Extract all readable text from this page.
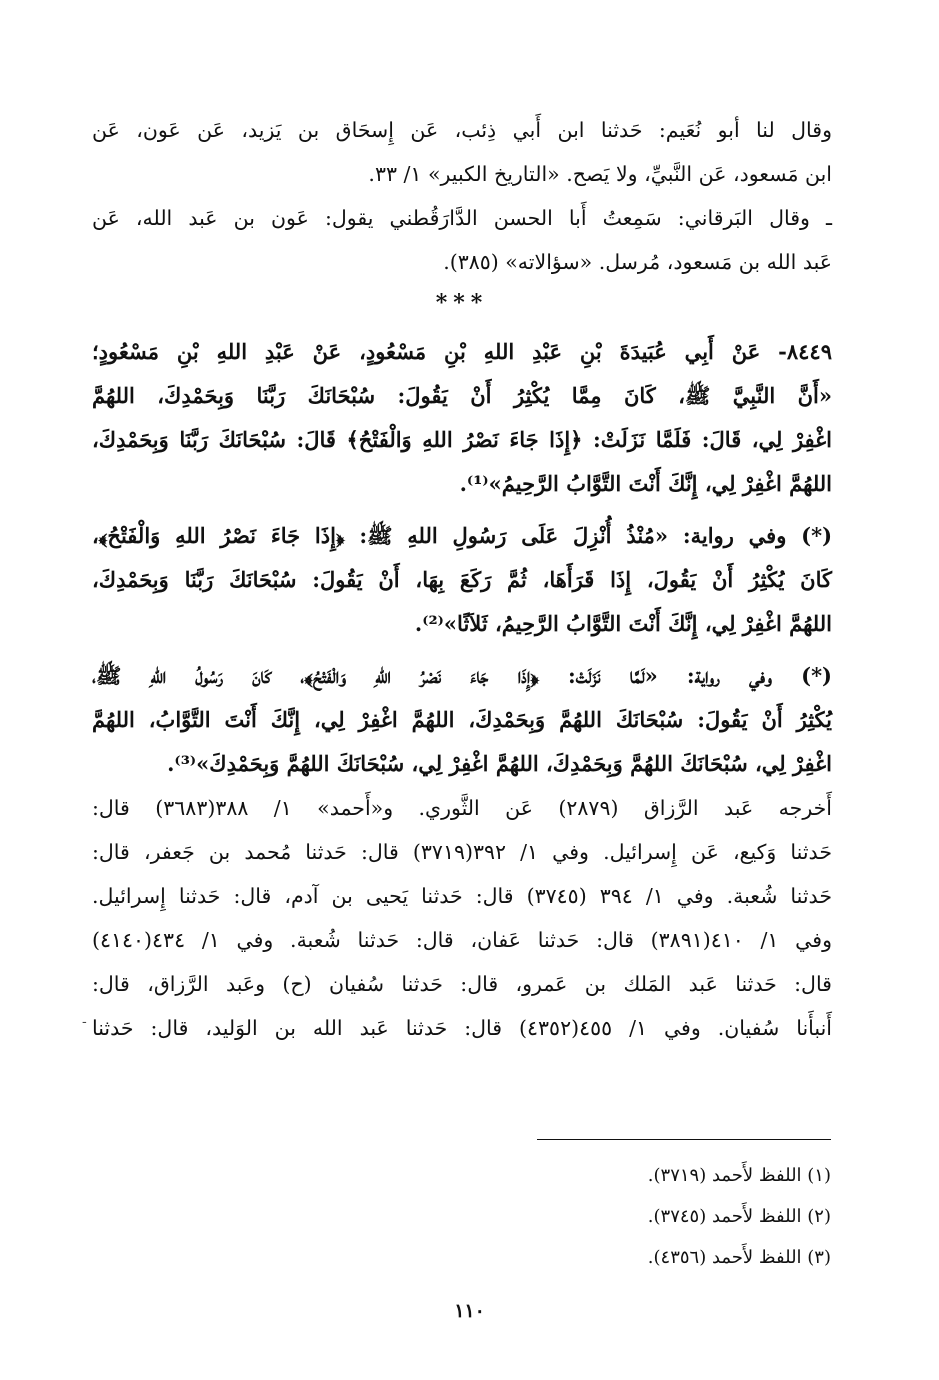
وقال لنا أبو نُعَيم: حَدثنا ابن أَبي ذِئب، عَن إِسحَاق بن يَزيد، عَن عَون، عَن
ابن مَسعود، عَن النَّبيِّ، ولا يَصح. «التاريخ الكبير» ١/ ٣٣.
ـ وقال البَرقاني: سَمِعتُ أَبا الحسن الدَّارَقُطني يقول: عَون بن عَبد الله، عَن
عَبد الله بن مَسعود، مُرسل. «سؤالاته» (٣٨٥).
***
٨٤٤٩- عَنْ أَبِي عُبَيدَةَ بْنِ عَبْدِ اللهِ بْنِ مَسْعُودٍ، عَنْ عَبْدِ اللهِ بْنِ مَسْعُودٍ؛
«أَنَّ النَّبِيَّ ﷺ، كَانَ مِمَّا يُكْثِرُ أَنْ يَقُولَ: سُبْحَانَكَ رَبَّنَا وَبِحَمْدِكَ، اللهُمَّ
اغْفِرْ لِي، قَالَ: فَلَمَّا نَزَلَتْ: ﴿إِذَا جَاءَ نَصْرُ اللهِ وَالْفَتْحُ﴾ قَالَ: سُبْحَانَكَ رَبَّنَا وَبِحَمْدِكَ،
اللهُمَّ اغْفِرْ لِي، إِنَّكَ أَنْتَ التَّوَّابُ الرَّحِيمُ»⁽¹⁾.
(*) وفي رواية: «مُنْذُ أُنْزِلَ عَلَى رَسُولِ اللهِ ﷺ: ﴿إِذَا جَاءَ نَصْرُ اللهِ وَالْفَتْحُ﴾،
كَانَ يُكْثِرُ أَنْ يَقُولَ، إِذَا قَرَأَهَا، ثُمَّ رَكَعَ بِهَا، أَنْ يَقُولَ: سُبْحَانَكَ رَبَّنَا وَبِحَمْدِكَ،
اللهُمَّ اغْفِرْ لِي، إِنَّكَ أَنْتَ التَّوَّابُ الرَّحِيمُ، ثَلاَثًا»⁽²⁾.
(*) وفي رواية: «لَمَّا نَزَلَتْ: ﴿إِذَا جَاءَ نَصْرُ اللهِ وَالْفَتْحُ﴾، كَانَ رَسُولُ اللهِ ﷺ،
يُكْثِرُ أَنْ يَقُولَ: سُبْحَانَكَ اللهُمَّ وَبِحَمْدِكَ، اللهُمَّ اغْفِرْ لِي، إِنَّكَ أَنْتَ التَّوَّابُ، اللهُمَّ
اغْفِرْ لِي، سُبْحَانَكَ اللهُمَّ وَبِحَمْدِكَ، اللهُمَّ اغْفِرْ لِي، سُبْحَانَكَ اللهُمَّ وَبِحَمْدِكَ»⁽³⁾.
أَخرجه عَبد الرَّزاق (٢٨٧٩) عَن الثَّوري. و«أَحمد» ١/ ٣٨٨(٣٦٨٣) قال:
حَدثنا وَكيع، عَن إِسرائيل. وفي ١/ ٣٩٢(٣٧١٩) قال: حَدثنا مُحمد بن جَعفر، قال:
حَدثنا شُعبة. وفي ١/ ٣٩٤ (٣٧٤٥) قال: حَدثنا يَحيى بن آدم، قال: حَدثنا إِسرائيل.
وفي ١/ ٤١٠(٣٨٩١) قال: حَدثنا عَفان، قال: حَدثنا شُعبة. وفي ١/ ٤٣٤(٤١٤٠)
قال: حَدثنا عَبد المَلك بن عَمرو، قال: حَدثنا سُفيان (ح) وعَبد الرَّزاق، قال:
أَنبأَنا سُفيان. وفي ١/ ٤٥٥(٤٣٥٢) قال: حَدثنا عَبد الله بن الوَليد، قال: حَدثنا
-
(١) اللفظ لأَحمد (٣٧١٩).
(٢) اللفظ لأَحمد (٣٧٤٥).
(٣) اللفظ لأَحمد (٤٣٥٦).
١١٠
